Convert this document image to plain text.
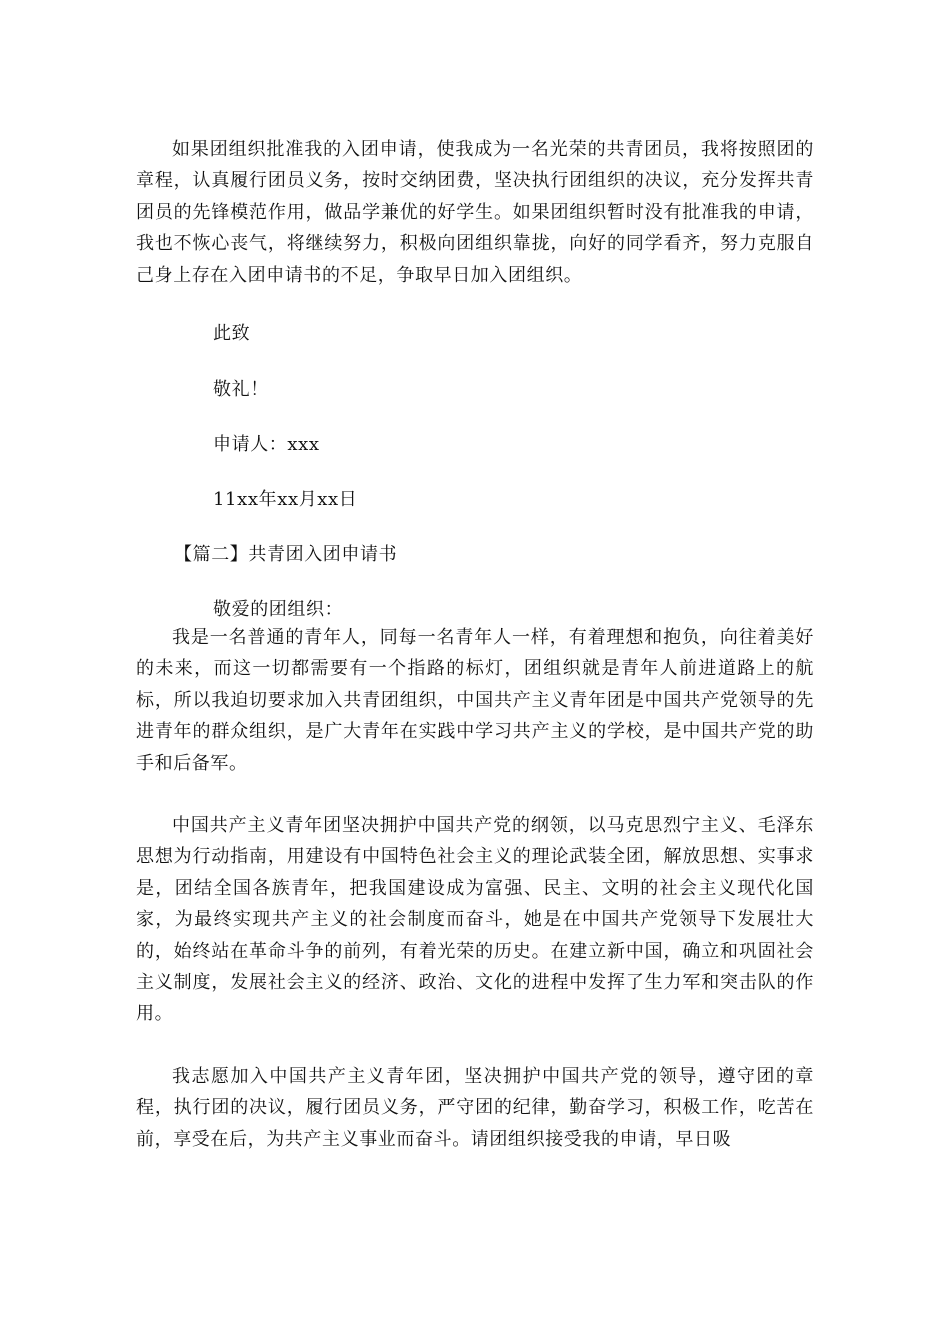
如果团组织批准我的入团申请，使我成为一名光荣的共青团员，我将按照团的章程，认真履行团员义务，按时交纳团费，坚决执行团组织的决议，充分发挥共青团员的先锋模范作用，做品学兼优的好学生。如果团组织暂时没有批准我的申请，我也不恢心丧气，将继续努力，积极向团组织靠拢，向好的同学看齐，努力克服自己身上存在入团申请书的不足，争取早日加入团组织。

此致

敬礼！

申请人：xxx

11xx年xx月xx日

【篇二】共青团入团申请书

敬爱的团组织：

我是一名普通的青年人，同每一名青年人一样，有着理想和抱负，向往着美好的未来，而这一切都需要有一个指路的标灯，团组织就是青年人前进道路上的航标，所以我迫切要求加入共青团组织，中国共产主义青年团是中国共产党领导的先进青年的群众组织，是广大青年在实践中学习共产主义的学校，是中国共产党的助手和后备军。

中国共产主义青年团坚决拥护中国共产党的纲领，以马克思烈宁主义、毛泽东思想为行动指南，用建设有中国特色社会主义的理论武装全团，解放思想、实事求是，团结全国各族青年，把我国建设成为富强、民主、文明的社会主义现代化国家，为最终实现共产主义的社会制度而奋斗，她是在中国共产党领导下发展壮大的，始终站在革命斗争的前列，有着光荣的历史。在建立新中国，确立和巩固社会主义制度，发展社会主义的经济、政治、文化的进程中发挥了生力军和突击队的作用。

我志愿加入中国共产主义青年团，坚决拥护中国共产党的领导，遵守团的章程，执行团的决议，履行团员义务，严守团的纪律，勤奋学习，积极工作，吃苦在前，享受在后，为共产主义事业而奋斗。请团组织接受我的申请，早日吸
